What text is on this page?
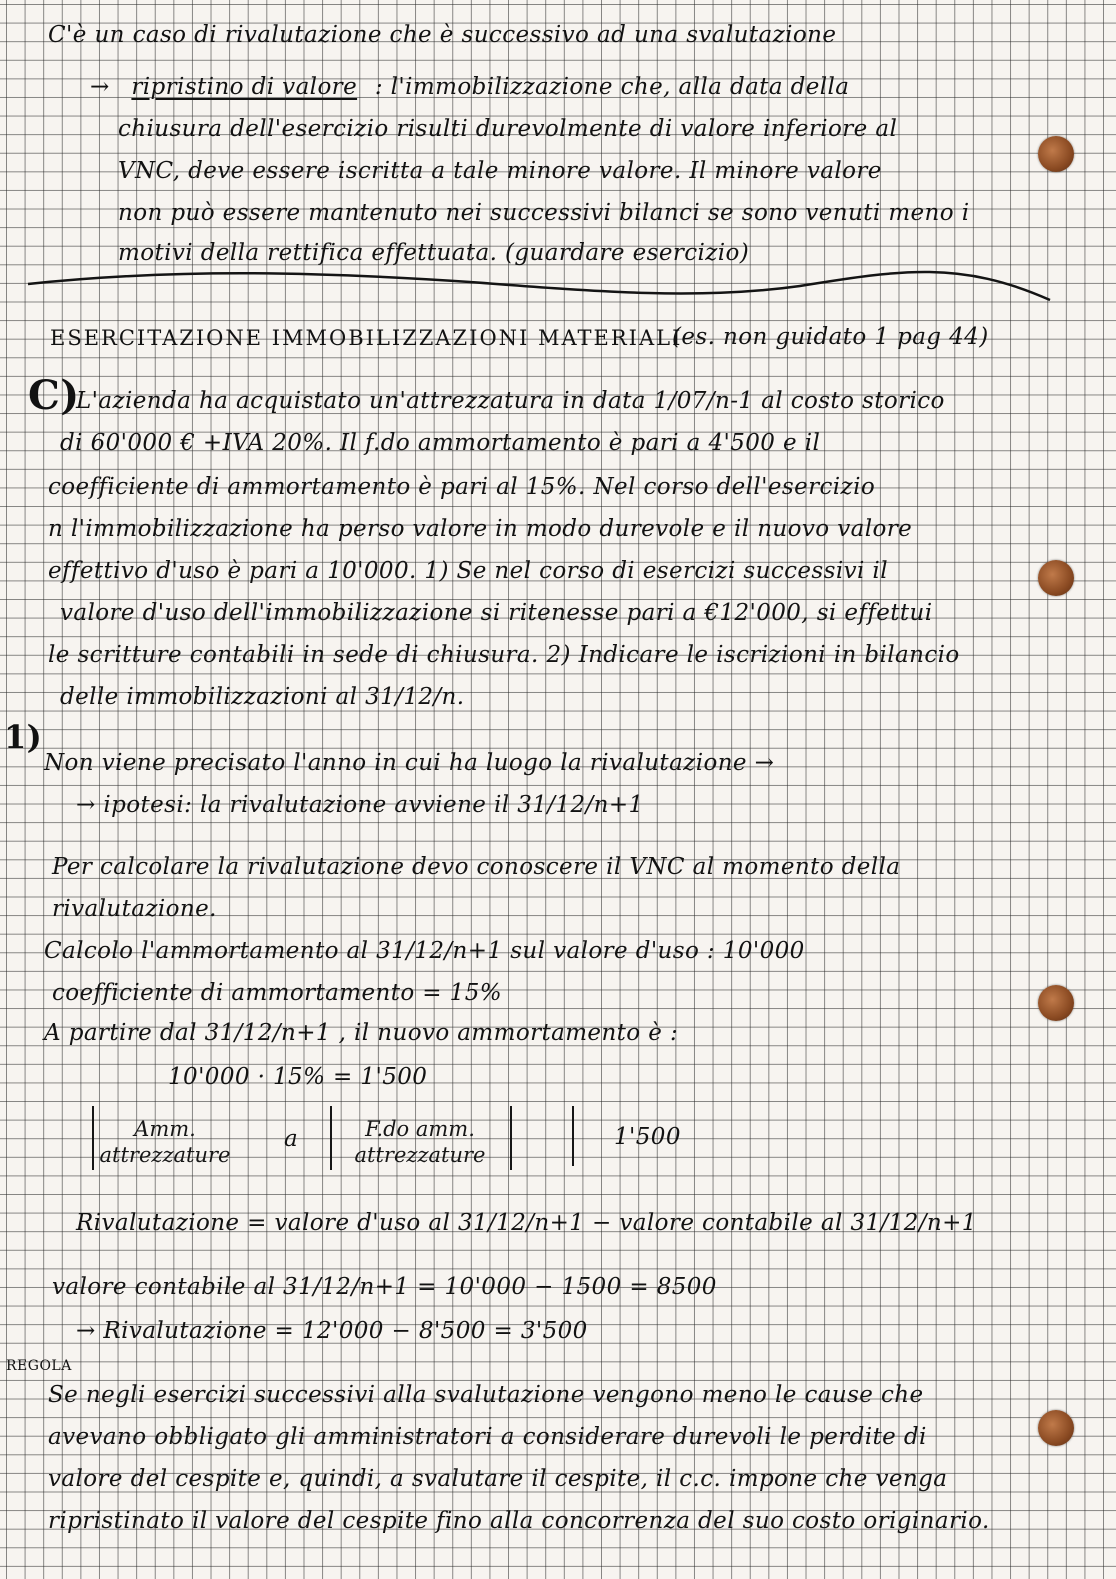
C'è un caso di rivalutazione che è successivo ad una svalutazione
→ ripristino di valore : l'immobilizzazione che, alla data della
chiusura dell'esercizio risulti durevolmente di valore inferiore al
VNC, deve essere iscritta a tale minore valore. Il minore valore
non può essere mantenuto nei successivi bilanci se sono venuti meno i
motivi della rettifica effettuata. (guardare esercizio)
ESERCITAZIONE IMMOBILIZZAZIONI MATERIALI
(es. non guidato 1 pag 44)
C)
L'azienda ha acquistato un'attrezzatura in data 1/07/n-1 al costo storico
di 60'000 € +IVA 20%. Il f.do ammortamento è pari a 4'500 e il
coefficiente di ammortamento è pari al 15%. Nel corso dell'esercizio
n l'immobilizzazione ha perso valore in modo durevole e il nuovo valore
effettivo d'uso è pari a 10'000. 1) Se nel corso di esercizi successivi il
valore d'uso dell'immobilizzazione si ritenesse pari a €12'000, si effettui
le scritture contabili in sede di chiusura. 2) Indicare le iscrizioni in bilancio
delle immobilizzazioni al 31/12/n.
1)
Non viene precisato l'anno in cui ha luogo la rivalutazione →
→ ipotesi: la rivalutazione avviene il 31/12/n+1
Per calcolare la rivalutazione devo conoscere il VNC al momento della
rivalutazione.
Calcolo l'ammortamento al 31/12/n+1 sul valore d'uso : 10'000
coefficiente di ammortamento = 15%
A partire dal 31/12/n+1 , il nuovo ammortamento è :
10'000 · 15% = 1'500
Amm. attrezzature
a	F.do amm. attrezzature
1'500
Rivalutazione = valore d'uso al 31/12/n+1 − valore contabile al 31/12/n+1
valore contabile al 31/12/n+1 = 10'000 − 1500 = 8500
→ Rivalutazione = 12'000 − 8'500 = 3'500
REGOLA
Se negli esercizi successivi alla svalutazione vengono meno le cause che
avevano obbligato gli amministratori a considerare durevoli le perdite di
valore del cespite e, quindi, a svalutare il cespite, il c.c. impone che venga
ripristinato il valore del cespite fino alla concorrenza del suo costo originario.
